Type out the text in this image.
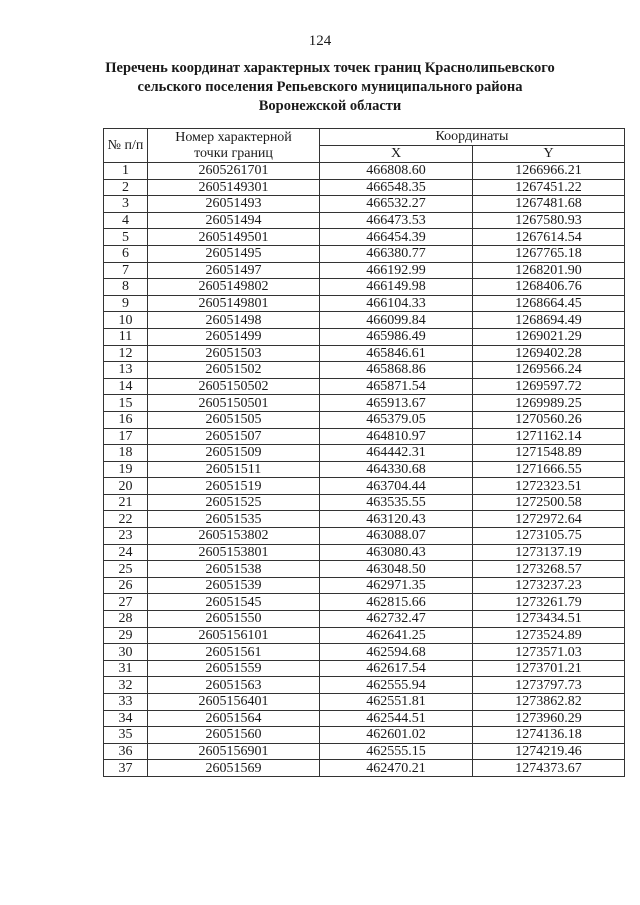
124
Перечень координат характерных точек границ Краснолипьевского
сельского поселения Репьевского муниципального района
Воронежской области
№ п/п	Номер характерной точки границ	Координаты	
		X	Y
1	2605261701	466808.60	1266966.21
2	2605149301	466548.35	1267451.22
3	26051493	466532.27	1267481.68
4	26051494	466473.53	1267580.93
5	2605149501	466454.39	1267614.54
6	26051495	466380.77	1267765.18
7	26051497	466192.99	1268201.90
8	2605149802	466149.98	1268406.76
9	2605149801	466104.33	1268664.45
10	26051498	466099.84	1268694.49
11	26051499	465986.49	1269021.29
12	26051503	465846.61	1269402.28
13	26051502	465868.86	1269566.24
14	2605150502	465871.54	1269597.72
15	2605150501	465913.67	1269989.25
16	26051505	465379.05	1270560.26
17	26051507	464810.97	1271162.14
18	26051509	464442.31	1271548.89
19	26051511	464330.68	1271666.55
20	26051519	463704.44	1272323.51
21	26051525	463535.55	1272500.58
22	26051535	463120.43	1272972.64
23	2605153802	463088.07	1273105.75
24	2605153801	463080.43	1273137.19
25	26051538	463048.50	1273268.57
26	26051539	462971.35	1273237.23
27	26051545	462815.66	1273261.79
28	26051550	462732.47	1273434.51
29	2605156101	462641.25	1273524.89
30	26051561	462594.68	1273571.03
31	26051559	462617.54	1273701.21
32	26051563	462555.94	1273797.73
33	2605156401	462551.81	1273862.82
34	26051564	462544.51	1273960.29
35	26051560	462601.02	1274136.18
36	2605156901	462555.15	1274219.46
37	26051569	462470.21	1274373.67
